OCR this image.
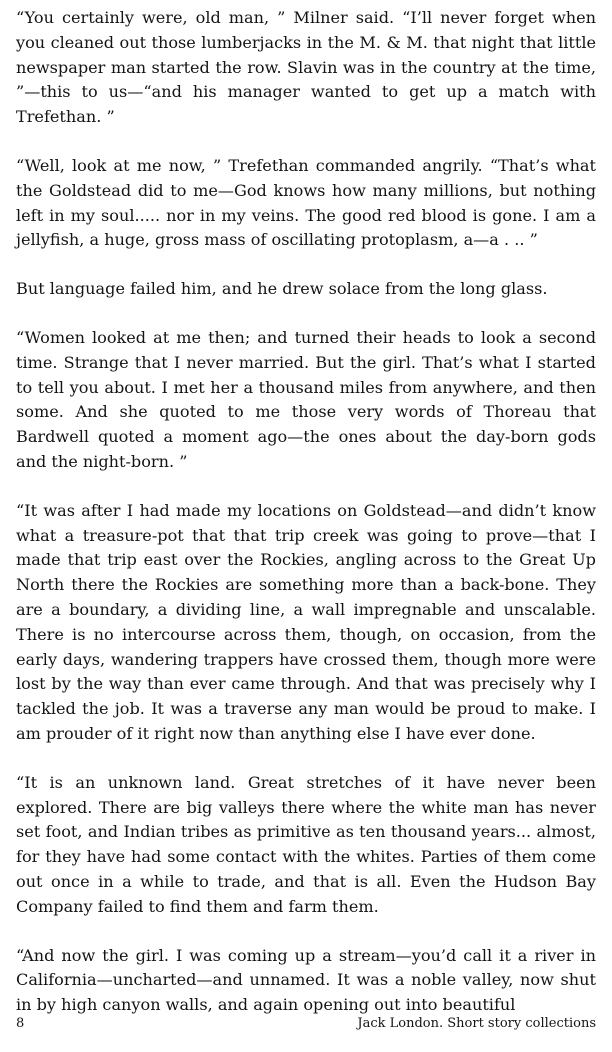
“You certainly were, old man, ” Milner said. “I’ll never forget when you cleaned out those lumberjacks in the M. & M. that night that little newspaper man started the row. Slavin was in the country at the time, ”—this to us—“and his manager wanted to get up a match with Trefethan. ”

“Well, look at me now, ” Trefethan commanded angrily. “That’s what the Goldstead did to me—God knows how many millions, but nothing left in my soul..... nor in my veins. The good red blood is gone. I am a jellyfish, a huge, gross mass of oscillating protoplasm, a—a . .. ”

But language failed him, and he drew solace from the long glass.

“Women looked at me then; and turned their heads to look a second time. Strange that I never married. But the girl. That’s what I started to tell you about. I met her a thousand miles from anywhere, and then some. And she quoted to me those very words of Thoreau that Bardwell quoted a moment ago—the ones about the day-born gods and the night-born. ”

“It was after I had made my locations on Goldstead—and didn’t know what a treasure-pot that that trip creek was going to prove—that I made that trip east over the Rockies, angling across to the Great Up North there the Rockies are something more than a back-bone. They are a boundary, a dividing line, a wall impregnable and unscalable. There is no intercourse across them, though, on occasion, from the early days, wandering trappers have crossed them, though more were lost by the way than ever came through. And that was precisely why I tackled the job. It was a traverse any man would be proud to make. I am prouder of it right now than anything else I have ever done.

“It is an unknown land. Great stretches of it have never been explored. There are big valleys there where the white man has never set foot, and Indian tribes as primitive as ten thousand years... almost, for they have had some contact with the whites. Parties of them come out once in a while to trade, and that is all. Even the Hudson Bay Company failed to find them and farm them.

“And now the girl. I was coming up a stream—you’d call it a river in California—uncharted—and unnamed. It was a noble valley, now shut in by high canyon walls, and again opening out into beautiful

8	Jack London. Short story collections
